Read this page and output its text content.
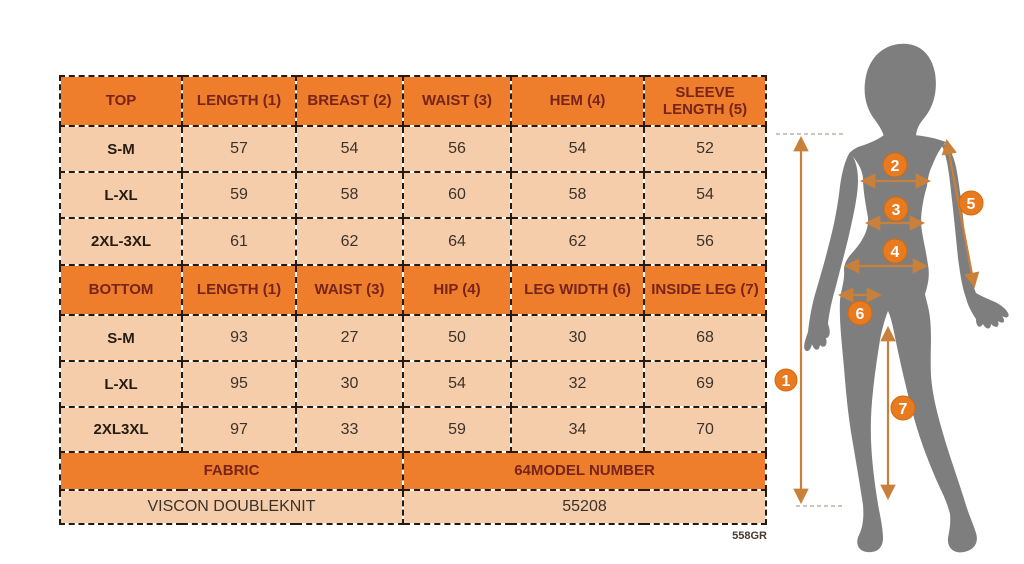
TOP	LENGTH (1)	BREAST (2)	WAIST (3)	HEM (4)	SLEEVE LENGTH (5)
S-M	57	54	56	54	52
L-XL	59	58	60	58	54
2XL-3XL	61	62	64	62	56
BOTTOM	LENGTH (1)	WAIST (3)	HIP (4)	LEG WIDTH (6)	INSIDE LEG (7)
S-M	93	27	50	30	68
L-XL	95	30	54	32	69
2XL3XL	97	33	59	34	70
FABRIC			64MODEL NUMBER		
VISCON DOUBLEKNIT			55208		
558GR
1
2
3
4
5
6
7
